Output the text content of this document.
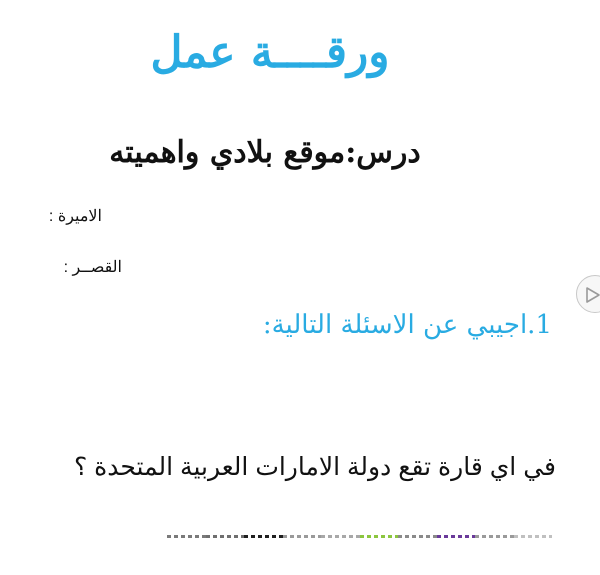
ورقــــة عمل
درس:موقع بلادي واهميته
الاميرة :
القصــر :
1.اجيبي عن الاسئلة التالية:
في اي قارة تقع دولة الامارات العربية المتحدة ؟
